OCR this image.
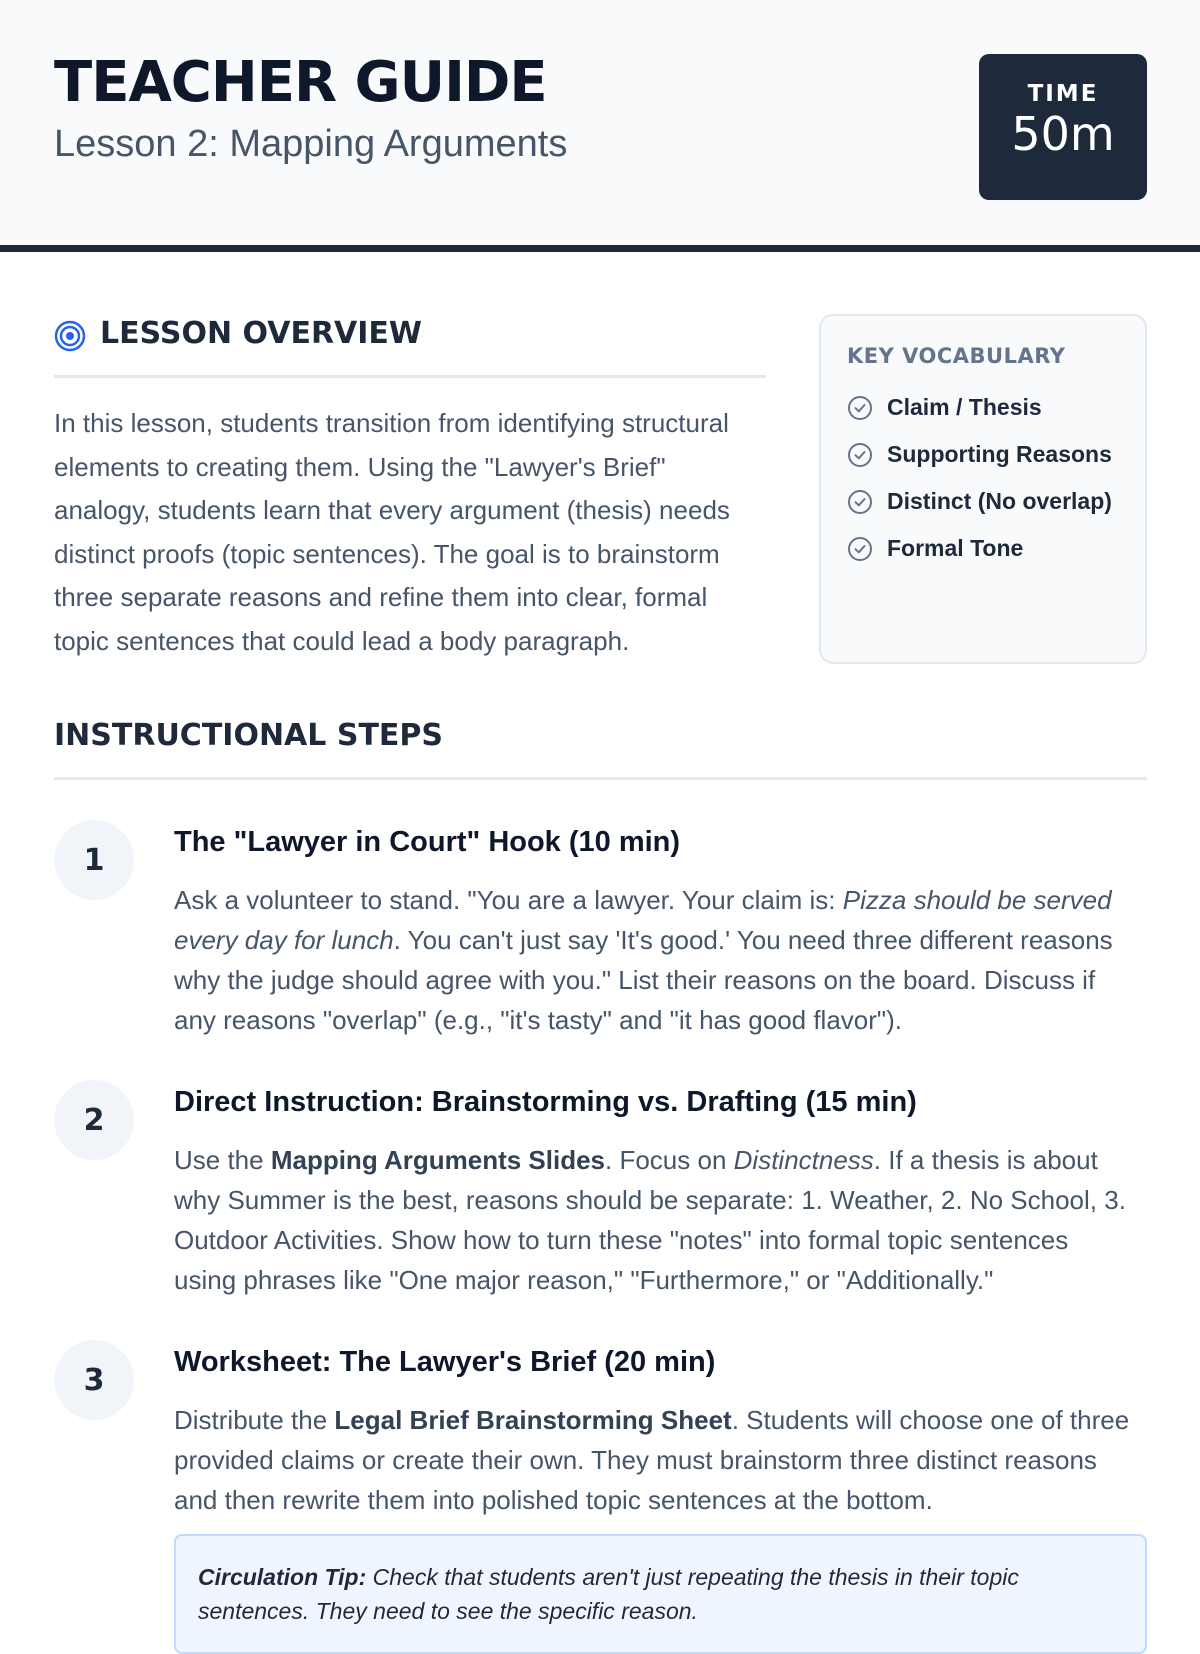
TEACHER GUIDE
Lesson 2: Mapping Arguments
TIME
50m
LESSON OVERVIEW

In this lesson, students transition from identifying structural elements to creating them. Using the "Lawyer's Brief" analogy, students learn that every argument (thesis) needs distinct proofs (topic sentences). The goal is to brainstorm three separate reasons and refine them into clear, formal topic sentences that could lead a body paragraph.

KEY VOCABULARY
Claim / Thesis
Supporting Reasons
Distinct (No overlap)
Formal Tone
INSTRUCTIONAL STEPS
1
The "Lawyer in Court" Hook (10 min)

Ask a volunteer to stand. "You are a lawyer. Your claim is: Pizza should be served every day for lunch. You can't just say 'It's good.' You need three different reasons why the judge should agree with you." List their reasons on the board. Discuss if any reasons "overlap" (e.g., "it's tasty" and "it has good flavor").

2
Direct Instruction: Brainstorming vs. Drafting (15 min)

Use the Mapping Arguments Slides. Focus on Distinctness. If a thesis is about why Summer is the best, reasons should be separate: 1. Weather, 2. No School, 3. Outdoor Activities. Show how to turn these "notes" into formal topic sentences using phrases like "One major reason," "Furthermore," or "Additionally."

3
Worksheet: The Lawyer's Brief (20 min)

Distribute the Legal Brief Brainstorming Sheet. Students will choose one of three provided claims or create their own. They must brainstorm three distinct reasons and then rewrite them into polished topic sentences at the bottom.

Circulation Tip: Check that students aren't just repeating the thesis in their topic sentences. They need to see the specific reason.
